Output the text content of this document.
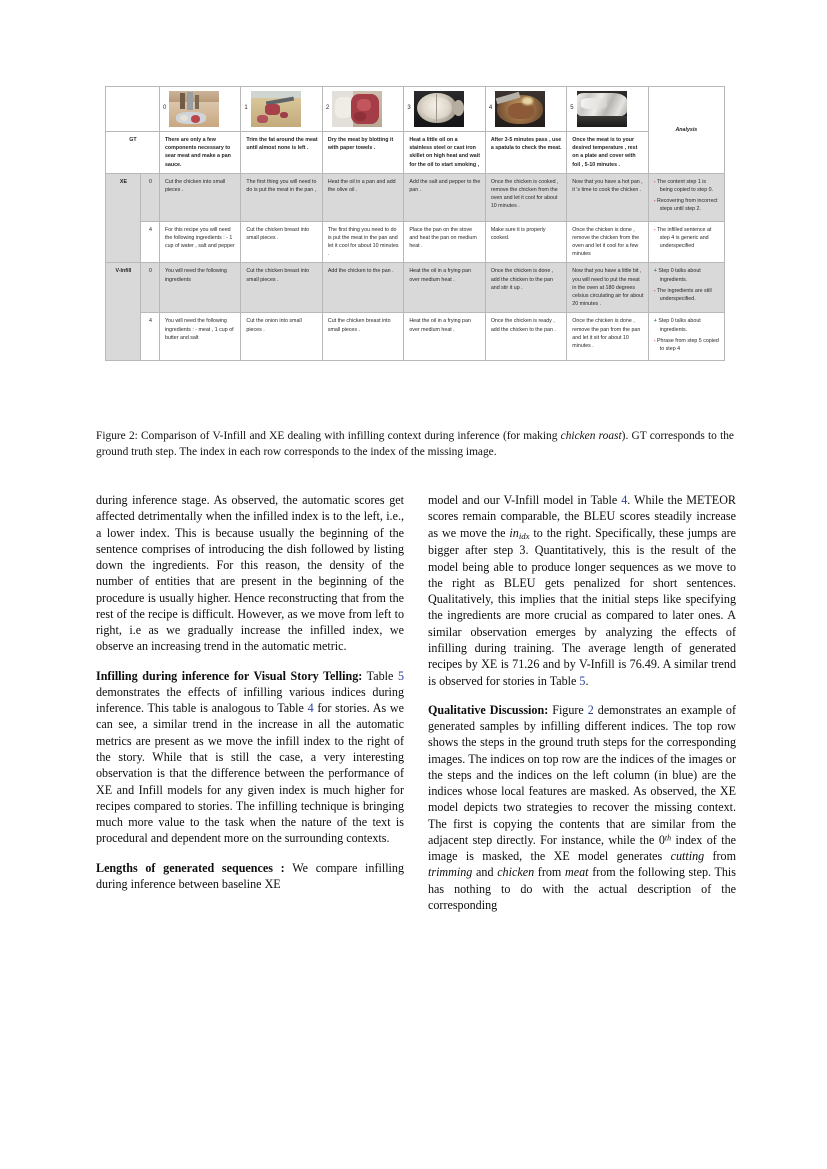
		0	1	2	3	4	5	Analysis
GT		There are only a few components necessary to sear meat and make a pan sauce.	Trim the fat around the meat until almost none is left .	Dry the meat by blotting it with paper towels .	Heat a little oil on a stainless steel or cast iron skillet on high heat and wait for the oil to start smoking ,	After 3-5 minutes pass , use a spatula to check the meat.	Once the meat is to your desired temperature , rest on a plate and cover with foil , 5-10 minutes .	
XE	0	Cut the chicken into small pieces .	The first thing you will need to do is put the meat in the pan ,	Heat the oil in a pan and add the olive oil .	Add the salt and pepper to the pan .	Once the chicken is cooked , remove the chicken from the oven and let it cool for about 10 minutes .	Now that you have a hot pan , it 's time to cook the chicken .	- The content step 1 is being copied to step 0.
- Recovering from incorrect steps until step 2.

	4	For this recipe you will need the following ingredients : - 1 cup of water , salt and pepper	Cut the chicken breast into small pieces .	The first thing you need to do is put the meat in the pan and let it cool for about 10 minutes .	Place the pan on the stove and heat the pan on medium heat .	Make sure it is properly cooked.	Once the chicken is done , remove the chicken from the oven and let it cool for a few minutes	- The infilled sentence at step 4 is generic and underspecified

V-Infill	0	You will need the following ingredients	Cut the chicken breast into small pieces .	Add the chicken to the pan .	Heat the oil in a frying pan over medium heat .	Once the chicken is done , add the chicken to the pan and stir it up .	Now that you have a little bit , you will need to put the meat in the oven at 180 degrees celsius circulating air for about 20 minutes .	+ Step 0 talks about ingredients.
- The ingredients are still underspecified.

	4	You will need the following ingredients : - meat , 1 cup of butter and salt	Cut the onion into small pieces .	Cut the chicken breast into small pieces .	Heat the oil in a frying pan over medium heat .	Once the chicken is ready , add the chicken to the pan .	Once the chicken is done , remove the pan from the pan and let it sit for about 10 minutes .	+ Step 0 talks about ingredients.
- Phrase from step 5 copied to step 4
Figure 2: Comparison of V-Infill and XE dealing with infilling context during inference (for making chicken roast). GT corresponds to the ground truth step. The index in each row corresponds to the index of the missing image.

during inference stage. As observed, the automatic scores get affected detrimentally when the infilled index is to the left, i.e., a lower index. This is because usually the beginning of the sentence comprises of introducing the dish followed by listing down the ingredients. For this reason, the density of the number of entities that are present in the beginning of the procedure is usually higher. Hence reconstructing that from the rest of the recipe is difficult. However, as we move from left to right, i.e as we gradually increase the infilled index, we observe an increasing trend in the automatic metric.

Infilling during inference for Visual Story Telling: Table 5 demonstrates the effects of infilling various indices during inference. This table is analogous to Table 4 for stories. As we can see, a similar trend in the increase in all the automatic metrics are present as we move the infill index to the right of the story. While that is still the case, a very interesting observation is that the difference between the performance of XE and Infill models for any given index is much higher for recipes compared to stories. The infilling technique is bringing much more value to the task when the nature of the text is procedural and dependent more on the surrounding contexts.

Lengths of generated sequences : We compare infilling during inference between baseline XE

model and our V-Infill model in Table 4. While the METEOR scores remain comparable, the BLEU scores steadily increase as we move the $in_{idx}$ to the right. Specifically, these jumps are bigger after step 3. Quantitatively, this is the result of the model being able to produce longer sequences as we move to the right as BLEU gets penalized for short sentences. Qualitatively, this implies that the initial steps like specifying the ingredients are more crucial as compared to later ones. A similar observation emerges by analyzing the effects of infilling during training. The average length of generated recipes by XE is 71.26 and by V-Infill is 76.49. A similar trend is observed for stories in Table 5.

Qualitative Discussion: Figure 2 demonstrates an example of generated samples by infilling different indices. The top row shows the steps in the ground truth steps for the corresponding images. The indices on top row are the indices of the images or the steps and the indices on the left column (in blue) are the indices whose local features are masked. As observed, the XE model depicts two strategies to recover the missing context. The first is copying the contents that are similar from the adjacent step directly. For instance, while the 0th index of the image is masked, the XE model generates cutting from trimming and chicken from meat from the following step. This has nothing to do with the actual description of the corresponding
